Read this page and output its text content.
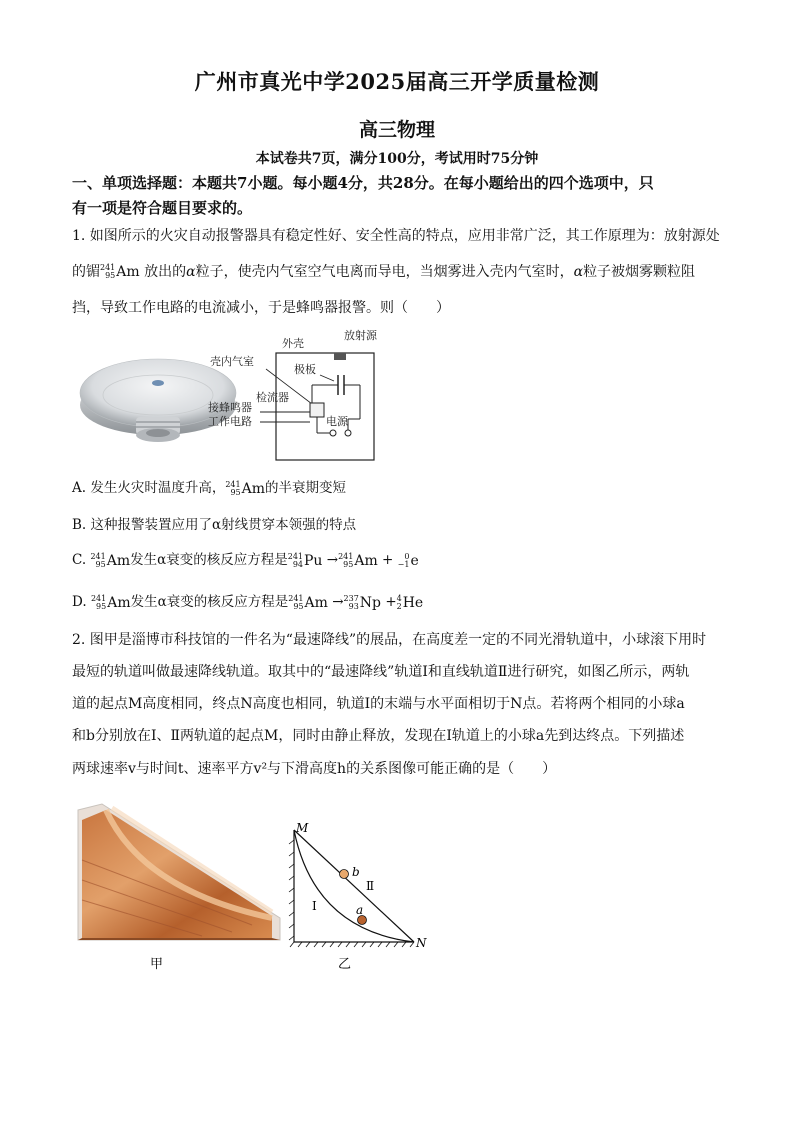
广州市真光中学2025届高三开学质量检测
高三物理
本试卷共7页，满分100分，考试用时75分钟
一、单项选择题：本题共7小题。每小题4分，共28分。在每小题给出的四个选项中，只
有一项是符合题目要求的。
1. 如图所示的火灾自动报警器具有稳定性好、安全性高的特点，应用非常广泛，其工作原理为：放射源处
的镅 241
95 Am 放出的α粒子，使壳内气室空气电离而导电，当烟雾进入壳内气室时，α粒子被烟雾颗粒阻
挡，导致工作电路的电流减小，于是蜂鸣器报警。则（　　）
外壳
放射源
壳内气室
极板
检流器
电源
接蜂鸣器
工作电路
A. 发生火灾时温度升高， 241
95 Am的半衰期变短
B. 这种报警装置应用了α射线贯穿本领强的特点
C. 241
95 Am发生α衰变的核反应方程是 241
94 Pu → 241
95 Am + 0
−1 e
D. 241
95 Am发生α衰变的核反应方程是 241
95 Am → 237
93 Np + 4
2 He
2. 图甲是淄博市科技馆的一件名为“最速降线”的展品，在高度差一定的不同光滑轨道中，小球滚下用时
最短的轨道叫做最速降线轨道。取其中的“最速降线”轨道Ⅰ和直线轨道Ⅱ进行研究，如图乙所示，两轨
道的起点M高度相同，终点N高度也相同，轨道Ⅰ的末端与水平面相切于N点。若将两个相同的小球a
和b分别放在Ⅰ、Ⅱ两轨道的起点M，同时由静止释放，发现在Ⅰ轨道上的小球a先到达终点。下列描述
两球速率v与时间t、速率平方v²与下滑高度h的关系图像可能正确的是（　　）
甲
M
N
b
a
Ⅰ
Ⅱ
乙
